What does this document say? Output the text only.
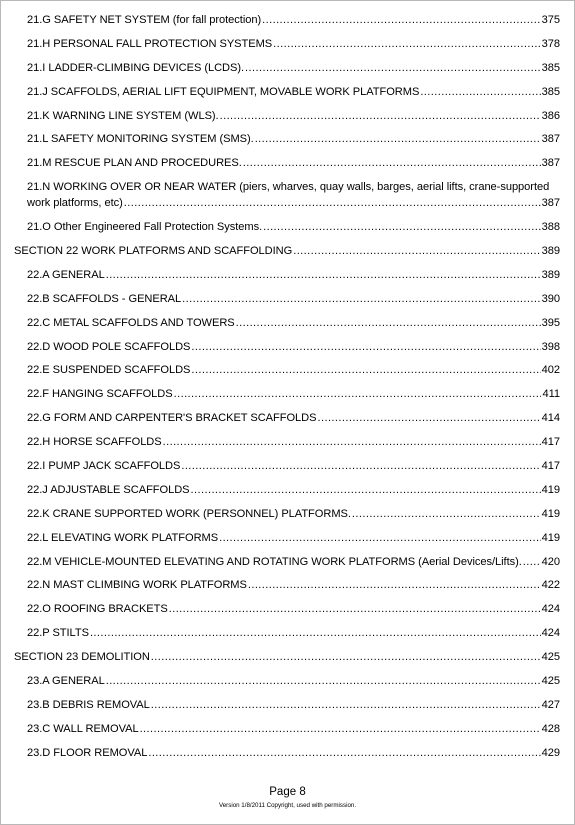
21.G SAFETY NET SYSTEM (for fall protection) .....	375
21.H PERSONAL FALL PROTECTION SYSTEMS .....	378
21.I LADDER-CLIMBING DEVICES (LCDS). .....	385
21.J SCAFFOLDS, AERIAL LIFT EQUIPMENT, MOVABLE WORK PLATFORMS .....	385
21.K WARNING LINE SYSTEM (WLS). .....	386
21.L SAFETY MONITORING SYSTEM (SMS). .....	387
21.M RESCUE PLAN AND PROCEDURES. .....	387
21.N WORKING OVER OR NEAR WATER (piers, wharves, quay walls, barges, aerial lifts, crane-supported
work platforms, etc) .....	387
21.O Other Engineered Fall Protection Systems. .....	388
SECTION 22 WORK PLATFORMS AND SCAFFOLDING .....	389
22.A GENERAL .....	389
22.B SCAFFOLDS - GENERAL .....	390
22.C METAL SCAFFOLDS AND TOWERS .....	395
22.D WOOD POLE SCAFFOLDS .....	398
22.E SUSPENDED SCAFFOLDS .....	402
22.F HANGING SCAFFOLDS .....	411
22.G FORM AND CARPENTER'S BRACKET SCAFFOLDS .....	414
22.H HORSE SCAFFOLDS .....	417
22.I PUMP JACK SCAFFOLDS .....	417
22.J ADJUSTABLE SCAFFOLDS .....	419
22.K CRANE SUPPORTED WORK (PERSONNEL) PLATFORMS. .....	419
22.L ELEVATING WORK PLATFORMS .....	419
22.M VEHICLE-MOUNTED ELEVATING AND ROTATING WORK PLATFORMS (Aerial Devices/Lifts). ..... 420
22.N MAST CLIMBING WORK PLATFORMS .....	422
22.O ROOFING BRACKETS .....	424
22.P STILTS .....	424
SECTION 23 DEMOLITION .....	425
23.A GENERAL .....	425
23.B DEBRIS REMOVAL .....	427
23.C WALL REMOVAL .....	428
23.D FLOOR REMOVAL .....	429
Page 8
Version 1/8/2011 Copyright, used with permission.
